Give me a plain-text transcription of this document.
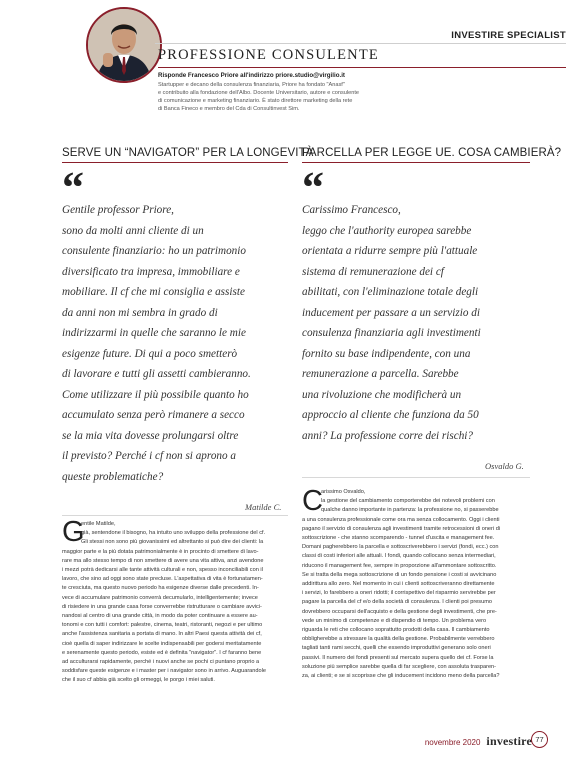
INVESTIRE SPECIALIST
PROFESSIONE CONSULENTE
Risponde Francesco Priore all'indirizzo priore.studio@virgilio.it
Startupper e decano della consulenza finanziaria, Priore ha fondato "Anasf"
e contribuito alla fondazione dell'Albo. Docente Universitario, autore e consulente
di comunicazione e marketing finanziario. È stato direttore marketing della rete
di Banca Fineco e membro del Cda di Consultinvest Sim.
SERVE UN “NAVIGATOR” PER LA LONGEVITÀ
“
Gentile professor Priore,
sono da molti anni cliente di un
consulente finanziario: ho un patrimonio
diversificato tra impresa, immobiliare e
mobiliare. Il cf che mi consiglia e assiste
da anni non mi sembra in grado di
indirizzarmi in quelle che saranno le mie
esigenze future. Di qui a poco smetterò
di lavorare e tutti gli assetti cambieranno.
Come utilizzare il più possibile quanto ho
accumulato senza però rimanere a secco
se la mia vita dovesse prolungarsi oltre
il previsto? Perché i cf non si aprono a
queste problematiche?
Matilde C.
G
entile Matilde,
già, sentendone il bisogno, ha intuito uno sviluppo della professione del cf.
Gli stessi non sono più giovanissimi ed altrettanto si può dire dei clienti: la
maggior parte e la più dotata patrimonialmente è in procinto di smettere di lavo-
rare ma allo stesso tempo di non smettere di avere una vita attiva, anzi avendone
i mezzi potrà dedicarsi alle tante attività culturali e non, spesso inconciliabili con il
lavoro, che sino ad oggi sono state precluse. L'aspettativa di vita è fortunatamen-
te cresciuta, ma questo nuovo periodo ha esigenze diverse dalle precedenti. In-
vece di accumulare patrimonio converrà decumularlo, intelligentemente; invece
di risiedere in una grande casa forse converrebbe ristrutturare o cambiare avvici-
nandosi al centro di una grande città, in modo da poter continuare a essere au-
tonomi e con tutti i comfort: palestre, cinema, teatri, ristoranti, negozi e per ultimo
anche l'assistenza sanitaria a portata di mano. In altri Paesi questa attività dei cf,
cioè quella di saper indirizzare le scelte indispensabili per godersi meritatamente
e serenamente questo periodo, esiste ed è definita "navigator". I cf faranno bene
ad acculturarsi rapidamente, perché i nuovi anche se pochi ci puntano proprio a
soddisfare queste esigenze e i master per i navigator sono in arrivo. Auguarandole
che il suo cf abbia già scelto gli ormeggi, le porgo i miei saluti.
PARCELLA PER LEGGE UE. COSA CAMBIERÀ?
“
Carissimo Francesco,
leggo che l'authority europea sarebbe
orientata a ridurre sempre più l'attuale
sistema di remunerazione dei cf
abilitati, con l'eliminazione totale degli
inducement per passare a un servizio di
consulenza finanziaria agli investimenti
fornito su base indipendente, con una
remunerazione a parcella. Sarebbe
una rivoluzione che modificherà un
approccio al cliente che funziona da 50
anni? La professione corre dei rischi?
Osvaldo G.
C
arissimo Osvaldo,
la gestione del cambiamento comporterebbe dei notevoli problemi con
qualche danno importante in partenza: la professione no, si passerebbe
a una consulenza professionale come ora ma senza collocamento. Oggi i clienti
pagano il servizio di consulenza agli investimenti tramite retrocessioni di oneri di
sottoscrizione - che stanno scomparendo - tunnel d'uscita e management fee.
Domani pagherebbero la parcella e sottoscriverebbero i servizi (fondi, ecc.) con
classi di costi inferiori alle attuali. I fondi, quando collocano senza intermediari,
riducono il management fee, sempre in proporzione all'ammontare sottoscritto.
Se si tratta della mega sottoscrizione di un fondo pensione i costi si avvicinano
addirittura allo zero. Nel momento in cui i clienti sottoscriveranno direttamente
i servizi, lo farebbero a oneri ridotti; il corrispettivo del risparmio servirebbe per
pagare la parcella del cf e/o della società di consulenza. I clienti poi presumo
dovrebbero occuparsi dell'acquisto e della gestione degli investimenti, che pre-
vede un minimo di competenze e di dispendio di tempo. Un problema vero
riguarda le reti che collocano soprattutto prodotti della casa. Il cambiamento
obbligherebbe a stressare la qualità della gestione. Probabilmente verrebbero
tagliati tanti rami secchi, quelli che essendo improduttivi generano solo oneri
passivi. Il numero dei fondi presenti sul mercato supera quello dei cf. Forse la
soluzione più semplice sarebbe quella di far scegliere, con assoluta trasparen-
za, ai clienti; e se si scoprisse che gli inducement incidono meno della parcella?
novembre 2020 investire 77
